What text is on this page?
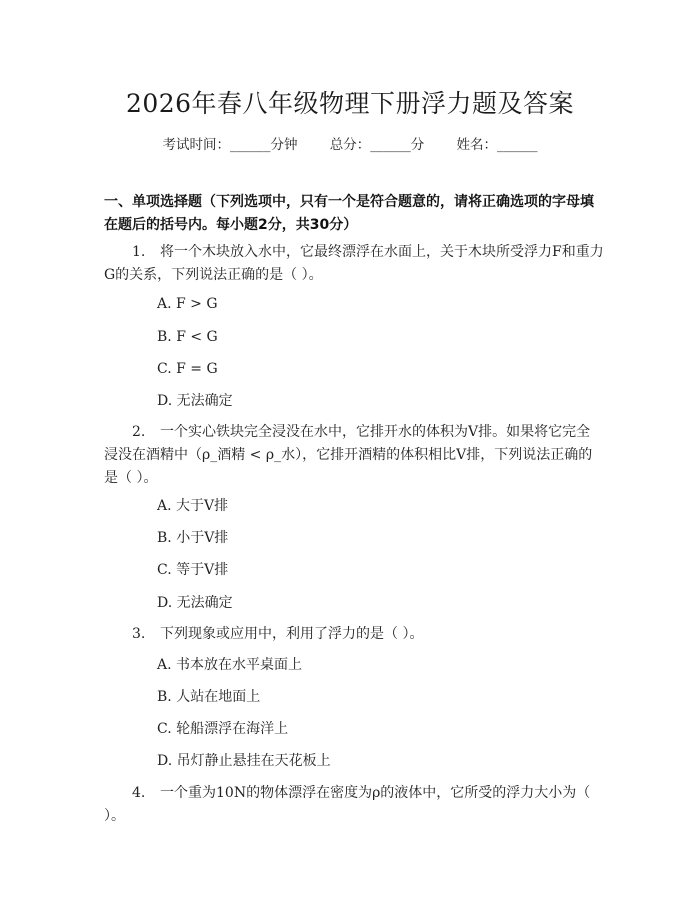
2026年春八年级物理下册浮力题及答案
考试时间：______分钟 总分：______分 姓名：______
一、单项选择题（下列选项中，只有一个是符合题意的，请将正确选项的字母填在题后的括号内。每小题2分，共30分）
1. 将一个木块放入水中，它最终漂浮在水面上，关于木块所受浮力F和重力G的关系，下列说法正确的是（ ）。
A. F > G
B. F < G
C. F = G
D. 无法确定
2. 一个实心铁块完全浸没在水中，它排开水的体积为V排。如果将它完全浸没在酒精中（ρ_酒精 < ρ_水），它排开酒精的体积相比V排，下列说法正确的是（ ）。
A. 大于V排
B. 小于V排
C. 等于V排
D. 无法确定
3. 下列现象或应用中，利用了浮力的是（ ）。
A. 书本放在水平桌面上
B. 人站在地面上
C. 轮船漂浮在海洋上
D. 吊灯静止悬挂在天花板上
4. 一个重为10N的物体漂浮在密度为ρ的液体中，它所受的浮力大小为（ ）。
